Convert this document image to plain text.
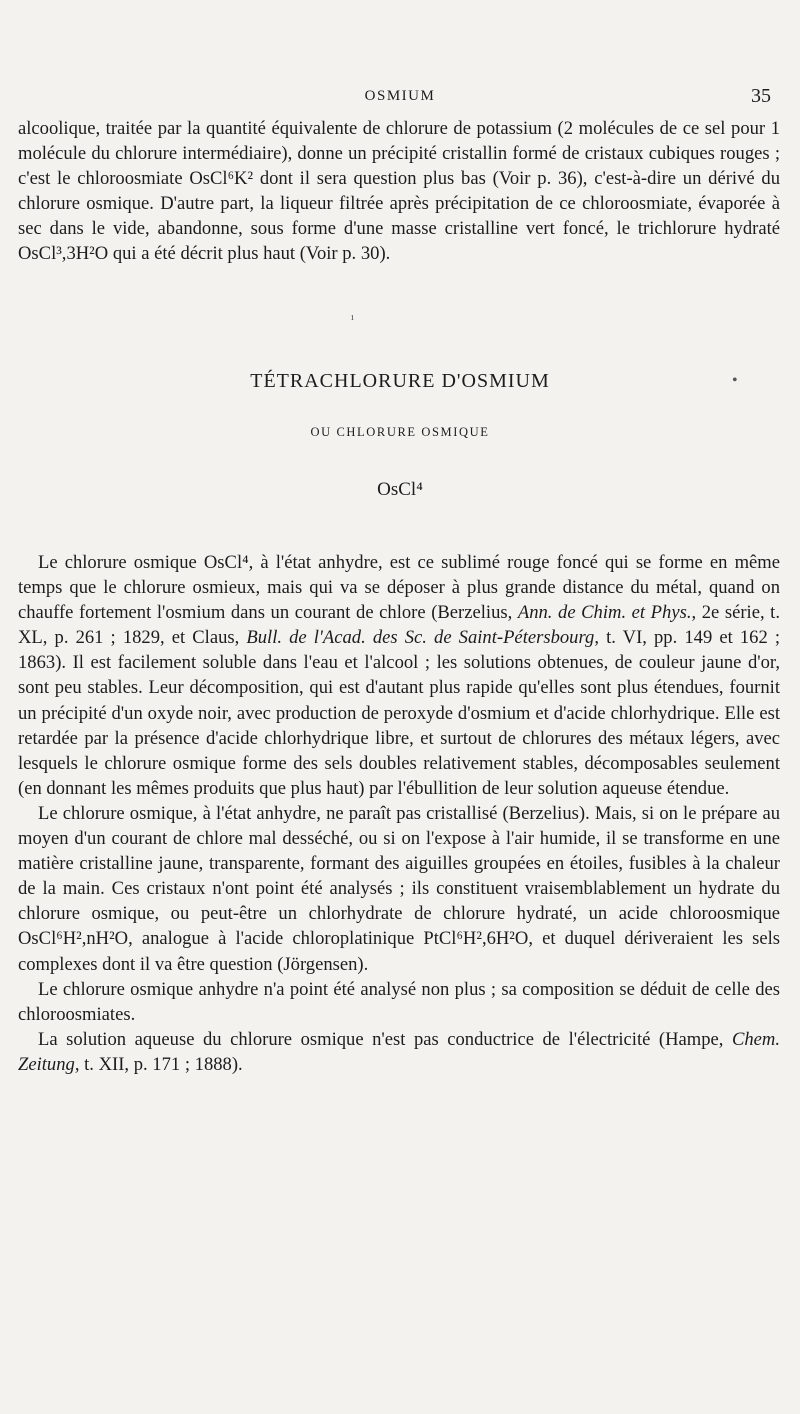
OSMIUM	35

alcoolique, traitée par la quantité équivalente de chlorure de potassium (2 molécules de ce sel pour 1 molécule du chlorure intermédiaire), donne un précipité cristallin formé de cristaux cubiques rouges ; c'est le chloroosmiate OsCl⁶K² dont il sera question plus bas (Voir p. 36), c'est-à-dire un dérivé du chlorure osmique. D'autre part, la liqueur filtrée après précipitation de ce chloroosmiate, évaporée à sec dans le vide, abandonne, sous forme d'une masse cristalline vert foncé, le trichlorure hydraté OsCl³,3H²O qui a été décrit plus haut (Voir p. 30).

ı
TÉTRACHLORURE D'OSMIUM	•
OU CHLORURE OSMIQUE
OsCl⁴

Le chlorure osmique OsCl⁴, à l'état anhydre, est ce sublimé rouge foncé qui se forme en même temps que le chlorure osmieux, mais qui va se déposer à plus grande distance du métal, quand on chauffe fortement l'osmium dans un courant de chlore (Berzelius, Ann. de Chim. et Phys., 2e série, t. XL, p. 261 ; 1829, et Claus, Bull. de l'Acad. des Sc. de Saint-Pétersbourg, t. VI, pp. 149 et 162 ; 1863). Il est facilement soluble dans l'eau et l'alcool ; les solutions obtenues, de couleur jaune d'or, sont peu stables. Leur décomposition, qui est d'autant plus rapide qu'elles sont plus étendues, fournit un précipité d'un oxyde noir, avec production de peroxyde d'osmium et d'acide chlorhydrique. Elle est retardée par la présence d'acide chlorhydrique libre, et surtout de chlorures des métaux légers, avec lesquels le chlorure osmique forme des sels doubles relativement stables, décomposables seulement (en donnant les mêmes produits que plus haut) par l'ébullition de leur solution aqueuse étendue.

Le chlorure osmique, à l'état anhydre, ne paraît pas cristallisé (Berzelius). Mais, si on le prépare au moyen d'un courant de chlore mal desséché, ou si on l'expose à l'air humide, il se transforme en une matière cristalline jaune, transparente, formant des aiguilles groupées en étoiles, fusibles à la chaleur de la main. Ces cristaux n'ont point été analysés ; ils constituent vraisemblablement un hydrate du chlorure osmique, ou peut-être un chlorhydrate de chlorure hydraté, un acide chloroosmique OsCl⁶H²,nH²O, analogue à l'acide chloroplatinique PtCl⁶H²,6H²O, et duquel dériveraient les sels complexes dont il va être question (Jörgensen).

Le chlorure osmique anhydre n'a point été analysé non plus ; sa composition se déduit de celle des chloroosmiates.

La solution aqueuse du chlorure osmique n'est pas conductrice de l'électricité (Hampe, Chem. Zeitung, t. XII, p. 171 ; 1888).
